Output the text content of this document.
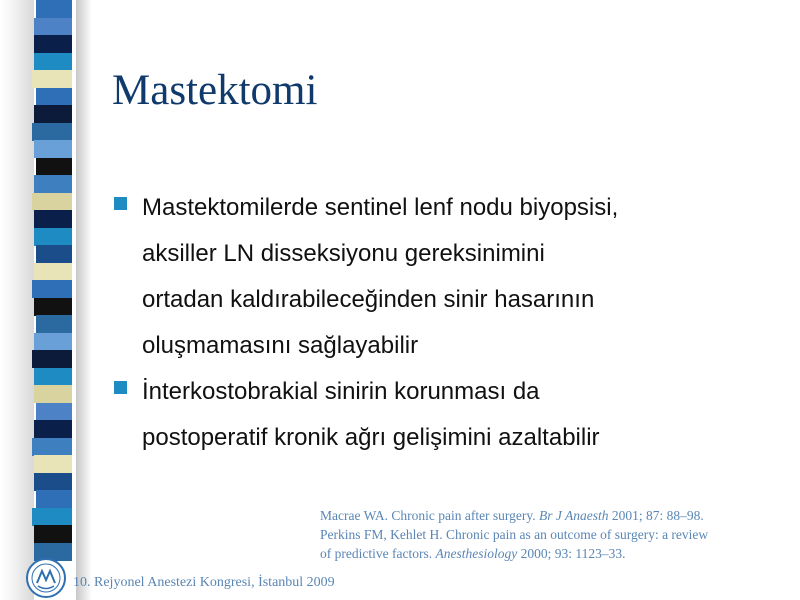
Mastektomi
Mastektomilerde sentinel lenf nodu biyopsisi,
aksiller LN disseksiyonu gereksinimini
ortadan kaldırabileceğinden sinir hasarının
oluşmamasını sağlayabilir
İnterkostobrakial sinirin korunması da
postoperatif kronik ağrı gelişimini azaltabilir
Macrae WA. Chronic pain after surgery. Br J Anaesth 2001; 87: 88–98.
Perkins FM, Kehlet H. Chronic pain as an outcome of surgery: a review
of predictive factors. Anesthesiology 2000; 93: 1123–33.
10. Rejyonel Anestezi Kongresi, İstanbul 2009
